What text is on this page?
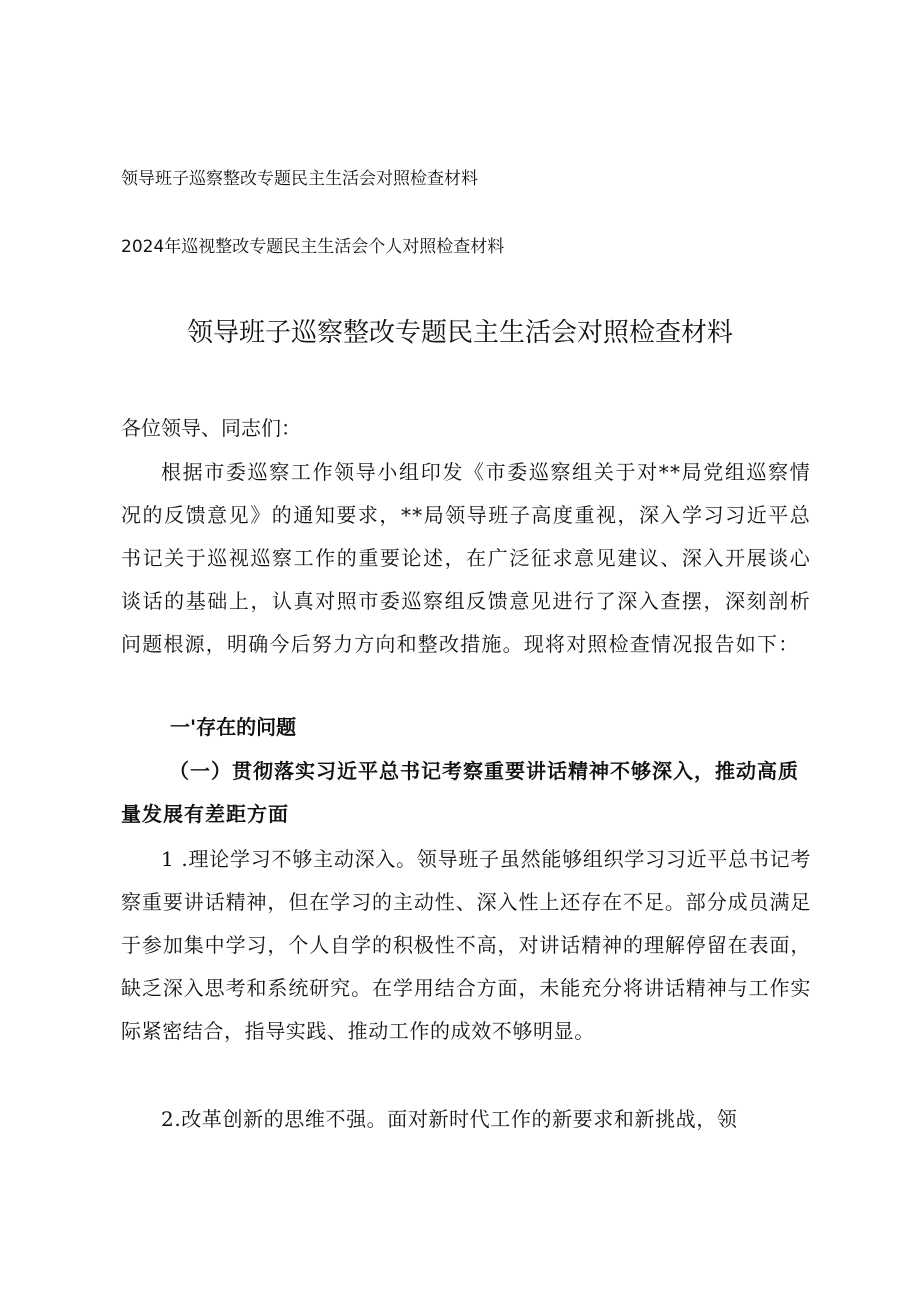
领导班子巡察整改专题民主生活会对照检查材料
2024年巡视整改专题民主生活会个人对照检查材料
领导班子巡察整改专题民主生活会对照检查材料
各位领导、同志们：
根据市委巡察工作领导小组印发《市委巡察组关于对**局党组巡察情况的反馈意见》的通知要求，**局领导班子高度重视，深入学习习近平总书记关于巡视巡察工作的重要论述，在广泛征求意见建议、深入开展谈心谈话的基础上，认真对照市委巡察组反馈意见进行了深入查摆，深刻剖析问题根源，明确今后努力方向和整改措施。现将对照检查情况报告如下：
一'存在的问题
（一）贯彻落实习近平总书记考察重要讲话精神不够深入，推动高质量发展有差距方面
1 .理论学习不够主动深入。领导班子虽然能够组织学习习近平总书记考察重要讲话精神，但在学习的主动性、深入性上还存在不足。部分成员满足于参加集中学习，个人自学的积极性不高，对讲话精神的理解停留在表面，缺乏深入思考和系统研究。在学用结合方面，未能充分将讲话精神与工作实际紧密结合，指导实践、推动工作的成效不够明显。
2.改革创新的思维不强。面对新时代工作的新要求和新挑战，领
